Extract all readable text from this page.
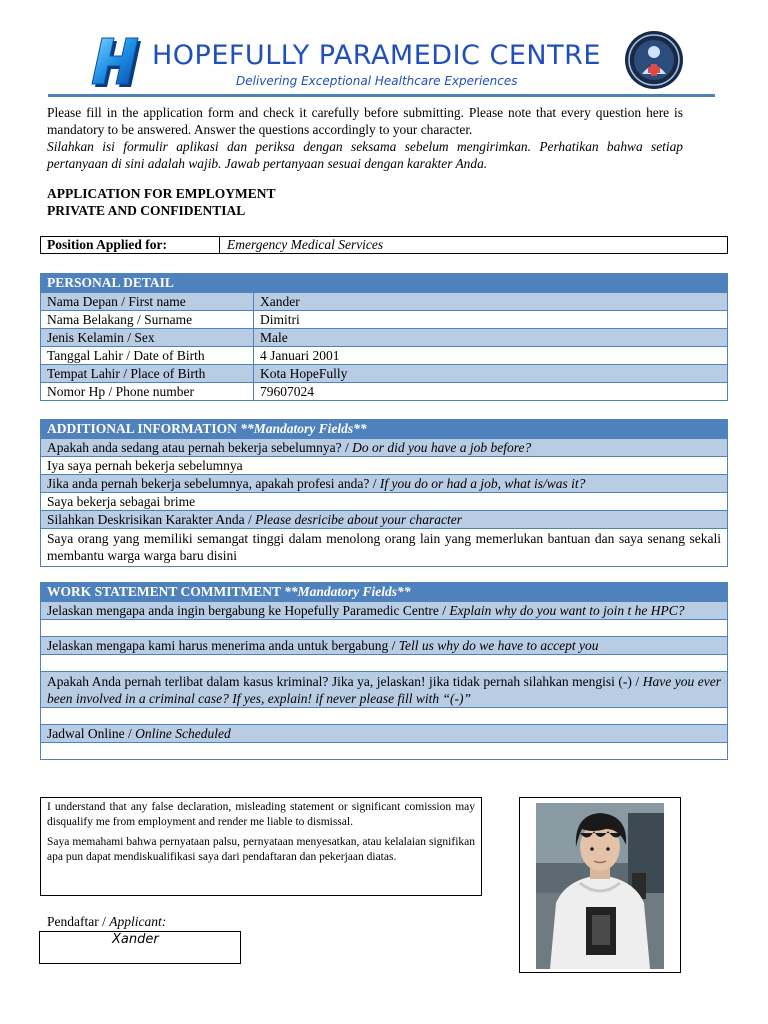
HOPEFULLY PARAMEDIC CENTRE
Delivering Exceptional Healthcare Experiences

Please fill in the application form and check it carefully before submitting. Please note that every question here is mandatory to be answered. Answer the questions accordingly to your character.

Silahkan isi formulir aplikasi dan periksa dengan seksama sebelum mengirimkan. Perhatikan bahwa setiap pertanyaan di sini adalah wajib. Jawab pertanyaan sesuai dengan karakter Anda.

APPLICATION FOR EMPLOYMENT
PRIVATE AND CONFIDENTIAL
Position Applied for:	Emergency Medical Services
PERSONAL DETAIL
Nama Depan / First name	Xander
Nama Belakang / Surname	Dimitri
Jenis Kelamin / Sex	Male
Tanggal Lahir / Date of Birth	4 Januari 2001
Tempat Lahir / Place of Birth	Kota HopeFully
Nomor Hp / Phone number	79607024
ADDITIONAL INFORMATION **Mandatory Fields**
Apakah anda sedang atau pernah bekerja sebelumnya? / Do or did you have a job before?
Iya saya pernah bekerja sebelumnya
Jika anda pernah bekerja sebelumnya, apakah profesi anda? / If you do or had a job, what is/was it?
Saya bekerja sebagai brime
Silahkan Deskrisikan Karakter Anda / Please desricibe about your character
Saya orang yang memiliki semangat tinggi dalam menolong orang lain yang memerlukan bantuan dan saya senang sekali membantu warga warga baru disini
WORK STATEMENT COMMITMENT **Mandatory Fields**
Jelaskan mengapa anda ingin bergabung ke Hopefully Paramedic Centre / Explain why do you want to join t he HPC?
Jelaskan mengapa kami harus menerima anda untuk bergabung / Tell us why do we have to accept you
Apakah Anda pernah terlibat dalam kasus kriminal? Jika ya, jelaskan! jika tidak pernah silahkan mengisi (-) / Have you ever been involved in a criminal case? If yes, explain! if never please fill with “(-)”
Jadwal Online / Online Scheduled

I understand that any false declaration, misleading statement or significant comission may disqualify me from employment and render me liable to dismissal.

Saya memahami bahwa pernyataan palsu, pernyataan menyesatkan, atau kelalaian signifikan apa pun dapat mendiskualifikasi saya dari pendaftaran dan pekerjaan diatas.

Pendaftar / Applicant:
Xander
